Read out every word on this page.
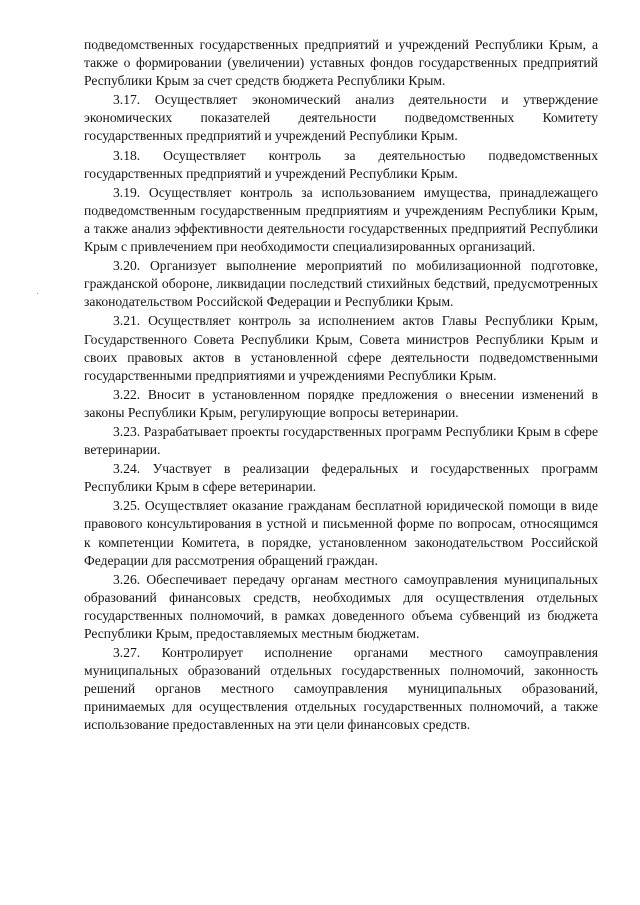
подведомственных государственных предприятий и учреждений Республики Крым, а также о формировании (увеличении) уставных фондов государственных предприятий Республики Крым за счет средств бюджета Республики Крым.

3.17. Осуществляет экономический анализ деятельности и утверждение экономических показателей деятельности подведомственных Комитету государственных предприятий и учреждений Республики Крым.

3.18. Осуществляет контроль за деятельностью подведомственных государственных предприятий и учреждений Республики Крым.

3.19. Осуществляет контроль за использованием имущества, принадлежащего подведомственным государственным предприятиям и учреждениям Республики Крым, а также анализ эффективности деятельности государственных предприятий Республики Крым с привлечением при необходимости специализированных организаций.

3.20. Организует выполнение мероприятий по мобилизационной подготовке, гражданской обороне, ликвидации последствий стихийных бедствий, предусмотренных законодательством Российской Федерации и Республики Крым.

3.21. Осуществляет контроль за исполнением актов Главы Республики Крым, Государственного Совета Республики Крым, Совета министров Республики Крым и своих правовых актов в установленной сфере деятельности подведомственными государственными предприятиями и учреждениями Республики Крым.

3.22. Вносит в установленном порядке предложения о внесении изменений в законы Республики Крым, регулирующие вопросы ветеринарии.

3.23. Разрабатывает проекты государственных программ Республики Крым в сфере ветеринарии.

3.24. Участвует в реализации федеральных и государственных программ Республики Крым в сфере ветеринарии.

3.25. Осуществляет оказание гражданам бесплатной юридической помощи в виде правового консультирования в устной и письменной форме по вопросам, относящимся к компетенции Комитета, в порядке, установленном законодательством Российской Федерации для рассмотрения обращений граждан.

3.26. Обеспечивает передачу органам местного самоуправления муниципальных образований финансовых средств, необходимых для осуществления отдельных государственных полномочий, в рамках доведенного объема субвенций из бюджета Республики Крым, предоставляемых местным бюджетам.

3.27. Контролирует исполнение органами местного самоуправления муниципальных образований отдельных государственных полномочий, законность решений органов местного самоуправления муниципальных образований, принимаемых для осуществления отдельных государственных полномочий, а также использование предоставленных на эти цели финансовых средств.
